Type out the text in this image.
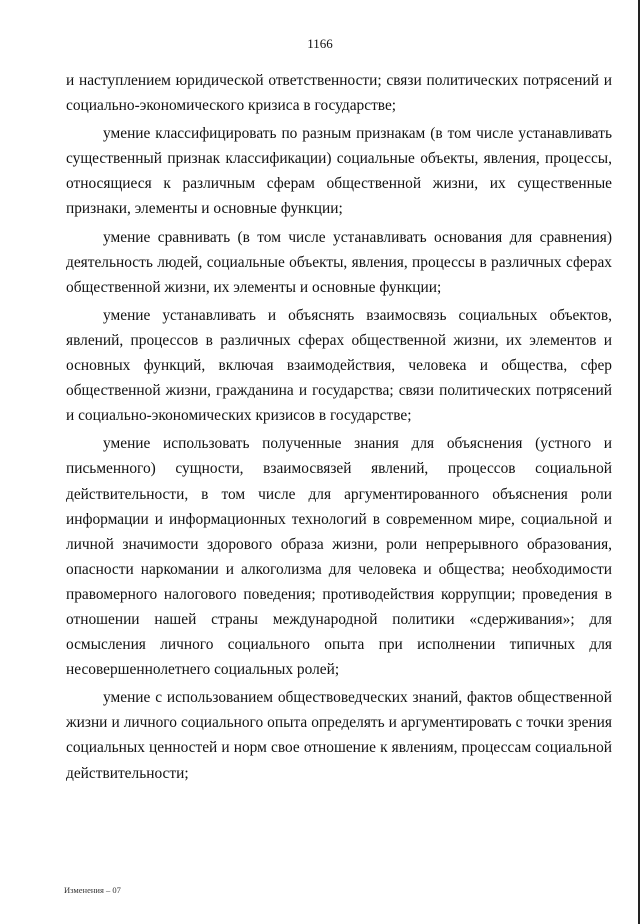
1166

и наступлением юридической ответственности; связи политических потрясений и социально-экономического кризиса в государстве;

умение классифицировать по разным признакам (в том числе устанавливать существенный признак классификации) социальные объекты, явления, процессы, относящиеся к различным сферам общественной жизни, их существенные признаки, элементы и основные функции;

умение сравнивать (в том числе устанавливать основания для сравнения) деятельность людей, социальные объекты, явления, процессы в различных сферах общественной жизни, их элементы и основные функции;

умение устанавливать и объяснять взаимосвязь социальных объектов, явлений, процессов в различных сферах общественной жизни, их элементов и основных функций, включая взаимодействия, человека и общества, сфер общественной жизни, гражданина и государства; связи политических потрясений и социально-экономических кризисов в государстве;

умение использовать полученные знания для объяснения (устного и письменного) сущности, взаимосвязей явлений, процессов социальной действительности, в том числе для аргументированного объяснения роли информации и информационных технологий в современном мире, социальной и личной значимости здорового образа жизни, роли непрерывного образования, опасности наркомании и алкоголизма для человека и общества; необходимости правомерного налогового поведения; противодействия коррупции; проведения в отношении нашей страны международной политики «сдерживания»; для осмысления личного социального опыта при исполнении типичных для несовершеннолетнего социальных ролей;

умение с использованием обществоведческих знаний, фактов общественной жизни и личного социального опыта определять и аргументировать с точки зрения социальных ценностей и норм свое отношение к явлениям, процессам социальной действительности;

Изменения – 07
